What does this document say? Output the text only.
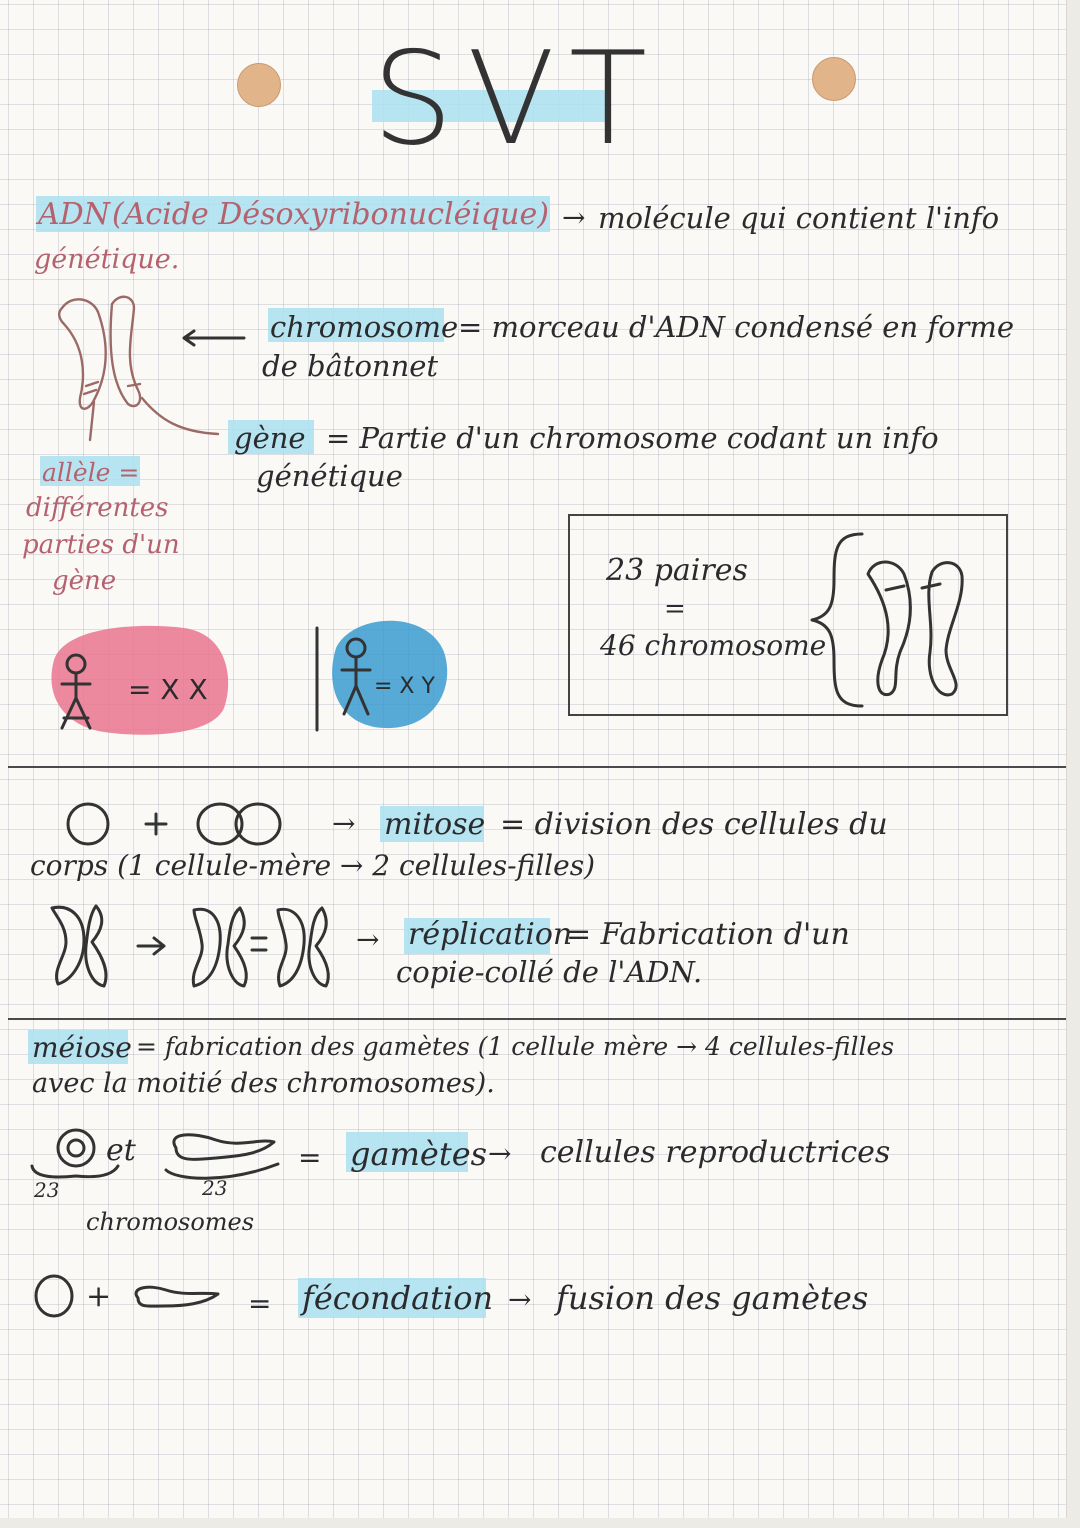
SVT
ADN (Acide Désoxyribonucléique) → molécule qui contient l'info
génétique.
chromosome = morceau d'ADN condensé en forme
de bâtonnet
gène = Partie d'un chromosome codant un info
génétique
allèle =
différentes
parties d'un
gène
= X X	= X Y
23 paires
=
46 chromosome
→ mitose = division des cellules du
corps (1 cellule-mère → 2 cellules-filles)
→ réplication
= Fabrication d'un
copie-collé de l'ADN.
méiose = fabrication des gamètes (1 cellule mère → 4 cellules-filles
avec la moitié des chromosomes).
et
23	23
chromosomes
= gamètes → cellules reproductrices
+	= fécondation → fusion des gamètes
